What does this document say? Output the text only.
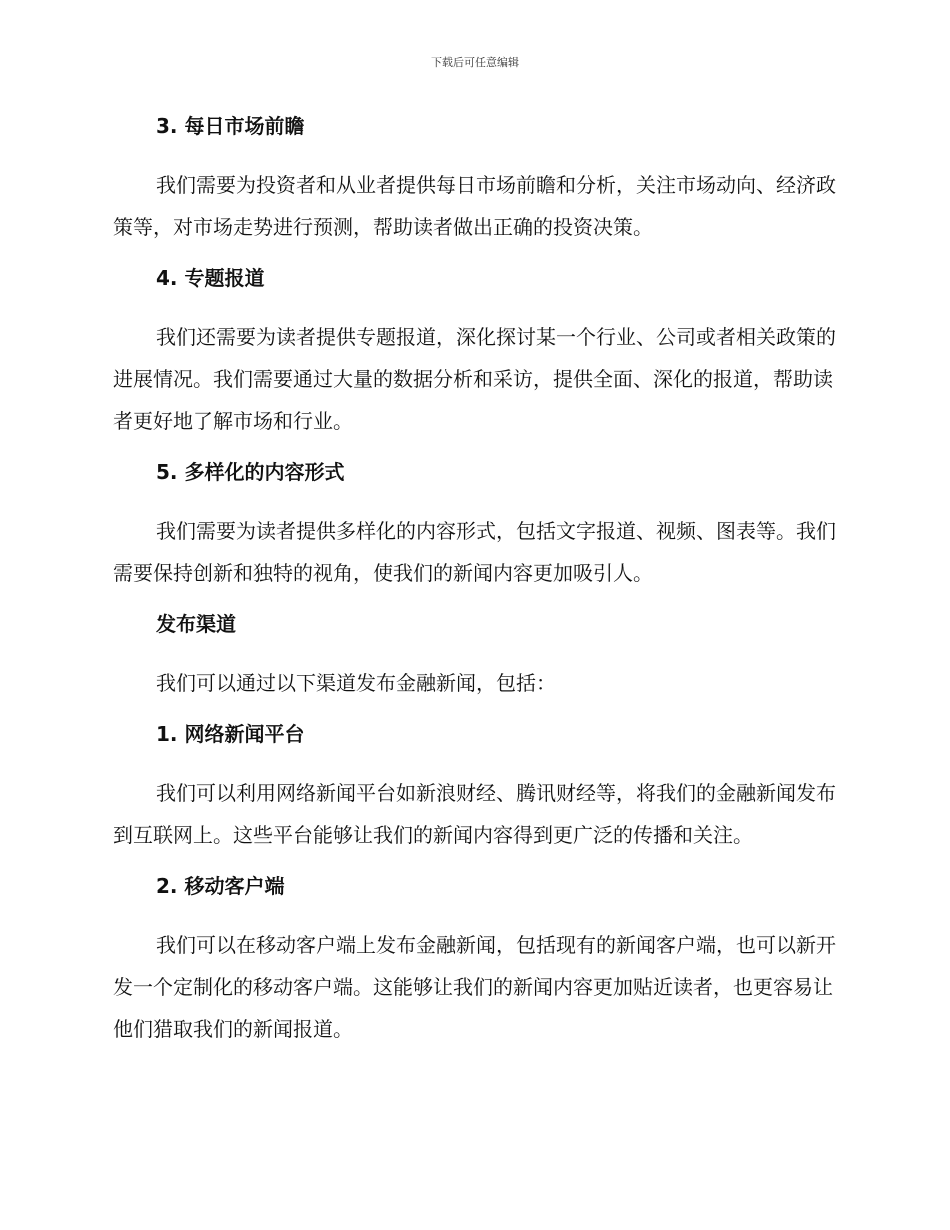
下载后可任意编辑
3. 每日市场前瞻
我们需要为投资者和从业者提供每日市场前瞻和分析，关注市场动向、经济政策等，对市场走势进行预测，帮助读者做出正确的投资决策。
4. 专题报道
我们还需要为读者提供专题报道，深化探讨某一个行业、公司或者相关政策的进展情况。我们需要通过大量的数据分析和采访，提供全面、深化的报道，帮助读者更好地了解市场和行业。
5. 多样化的内容形式
我们需要为读者提供多样化的内容形式，包括文字报道、视频、图表等。我们需要保持创新和独特的视角，使我们的新闻内容更加吸引人。
发布渠道
我们可以通过以下渠道发布金融新闻，包括：
1. 网络新闻平台
我们可以利用网络新闻平台如新浪财经、腾讯财经等，将我们的金融新闻发布到互联网上。这些平台能够让我们的新闻内容得到更广泛的传播和关注。
2. 移动客户端
我们可以在移动客户端上发布金融新闻，包括现有的新闻客户端，也可以新开发一个定制化的移动客户端。这能够让我们的新闻内容更加贴近读者，也更容易让他们猎取我们的新闻报道。
